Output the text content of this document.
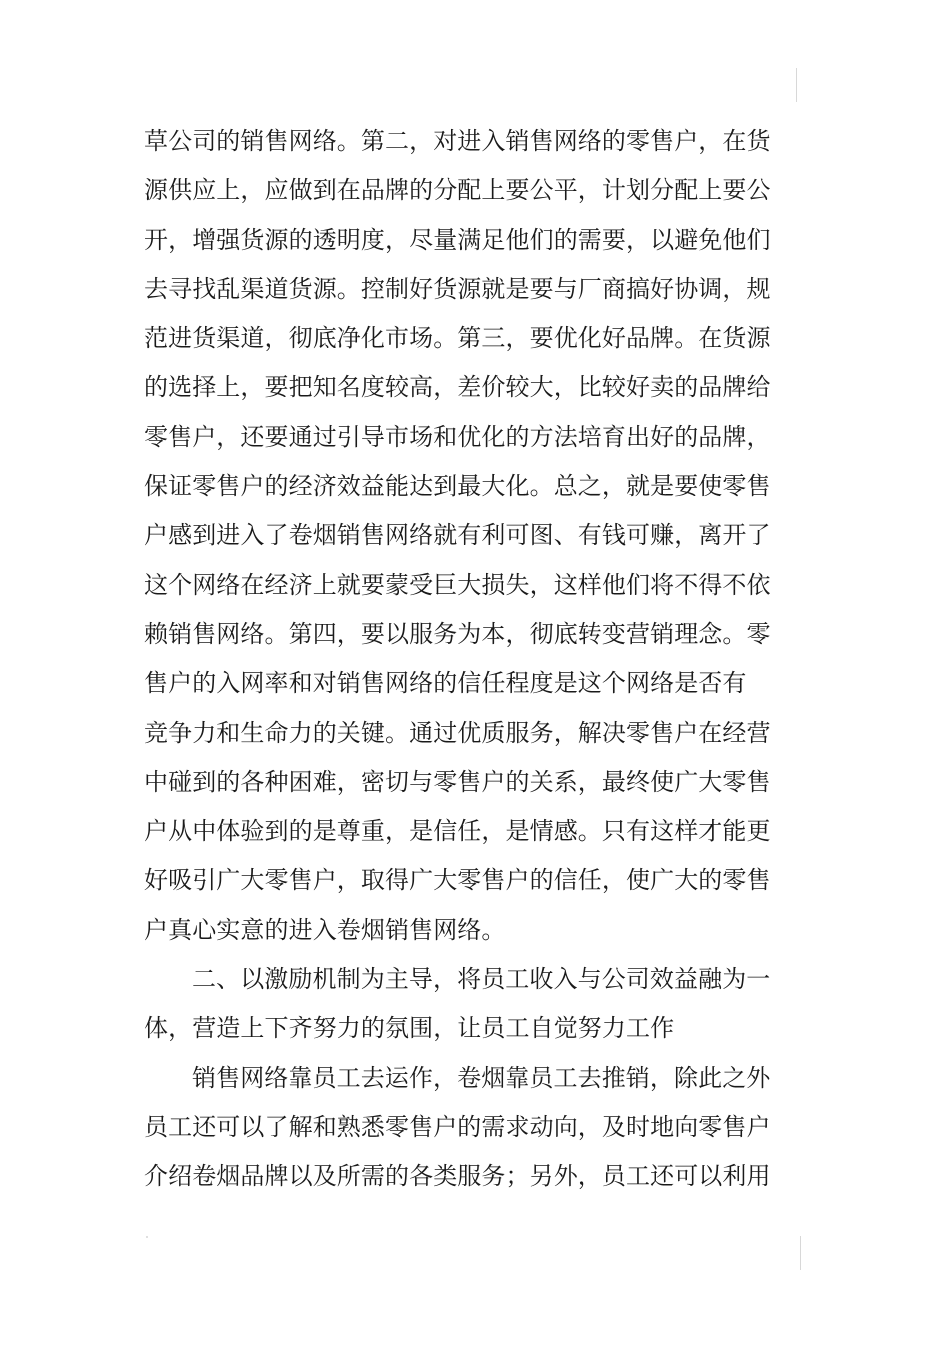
草公司的销售网络。第二，对进入销售网络的零售户，在货
源供应上，应做到在品牌的分配上要公平，计划分配上要公
开，增强货源的透明度，尽量满足他们的需要，以避免他们
去寻找乱渠道货源。控制好货源就是要与厂商搞好协调，规
范进货渠道，彻底净化市场。第三，要优化好品牌。在货源
的选择上，要把知名度较高，差价较大，比较好卖的品牌给
零售户，还要通过引导市场和优化的方法培育出好的品牌，
保证零售户的经济效益能达到最大化。总之，就是要使零售
户感到进入了卷烟销售网络就有利可图、有钱可赚，离开了
这个网络在经济上就要蒙受巨大损失，这样他们将不得不依
赖销售网络。第四，要以服务为本，彻底转变营销理念。零
售户的入网率和对销售网络的信任程度是这个网络是否有
竞争力和生命力的关键。通过优质服务，解决零售户在经营
中碰到的各种困难，密切与零售户的关系，最终使广大零售
户从中体验到的是尊重，是信任，是情感。只有这样才能更
好吸引广大零售户，取得广大零售户的信任，使广大的零售
户真心实意的进入卷烟销售网络。
二、以激励机制为主导，将员工收入与公司效益融为一
体，营造上下齐努力的氛围，让员工自觉努力工作
销售网络靠员工去运作，卷烟靠员工去推销，除此之外
员工还可以了解和熟悉零售户的需求动向，及时地向零售户
介绍卷烟品牌以及所需的各类服务；另外，员工还可以利用
